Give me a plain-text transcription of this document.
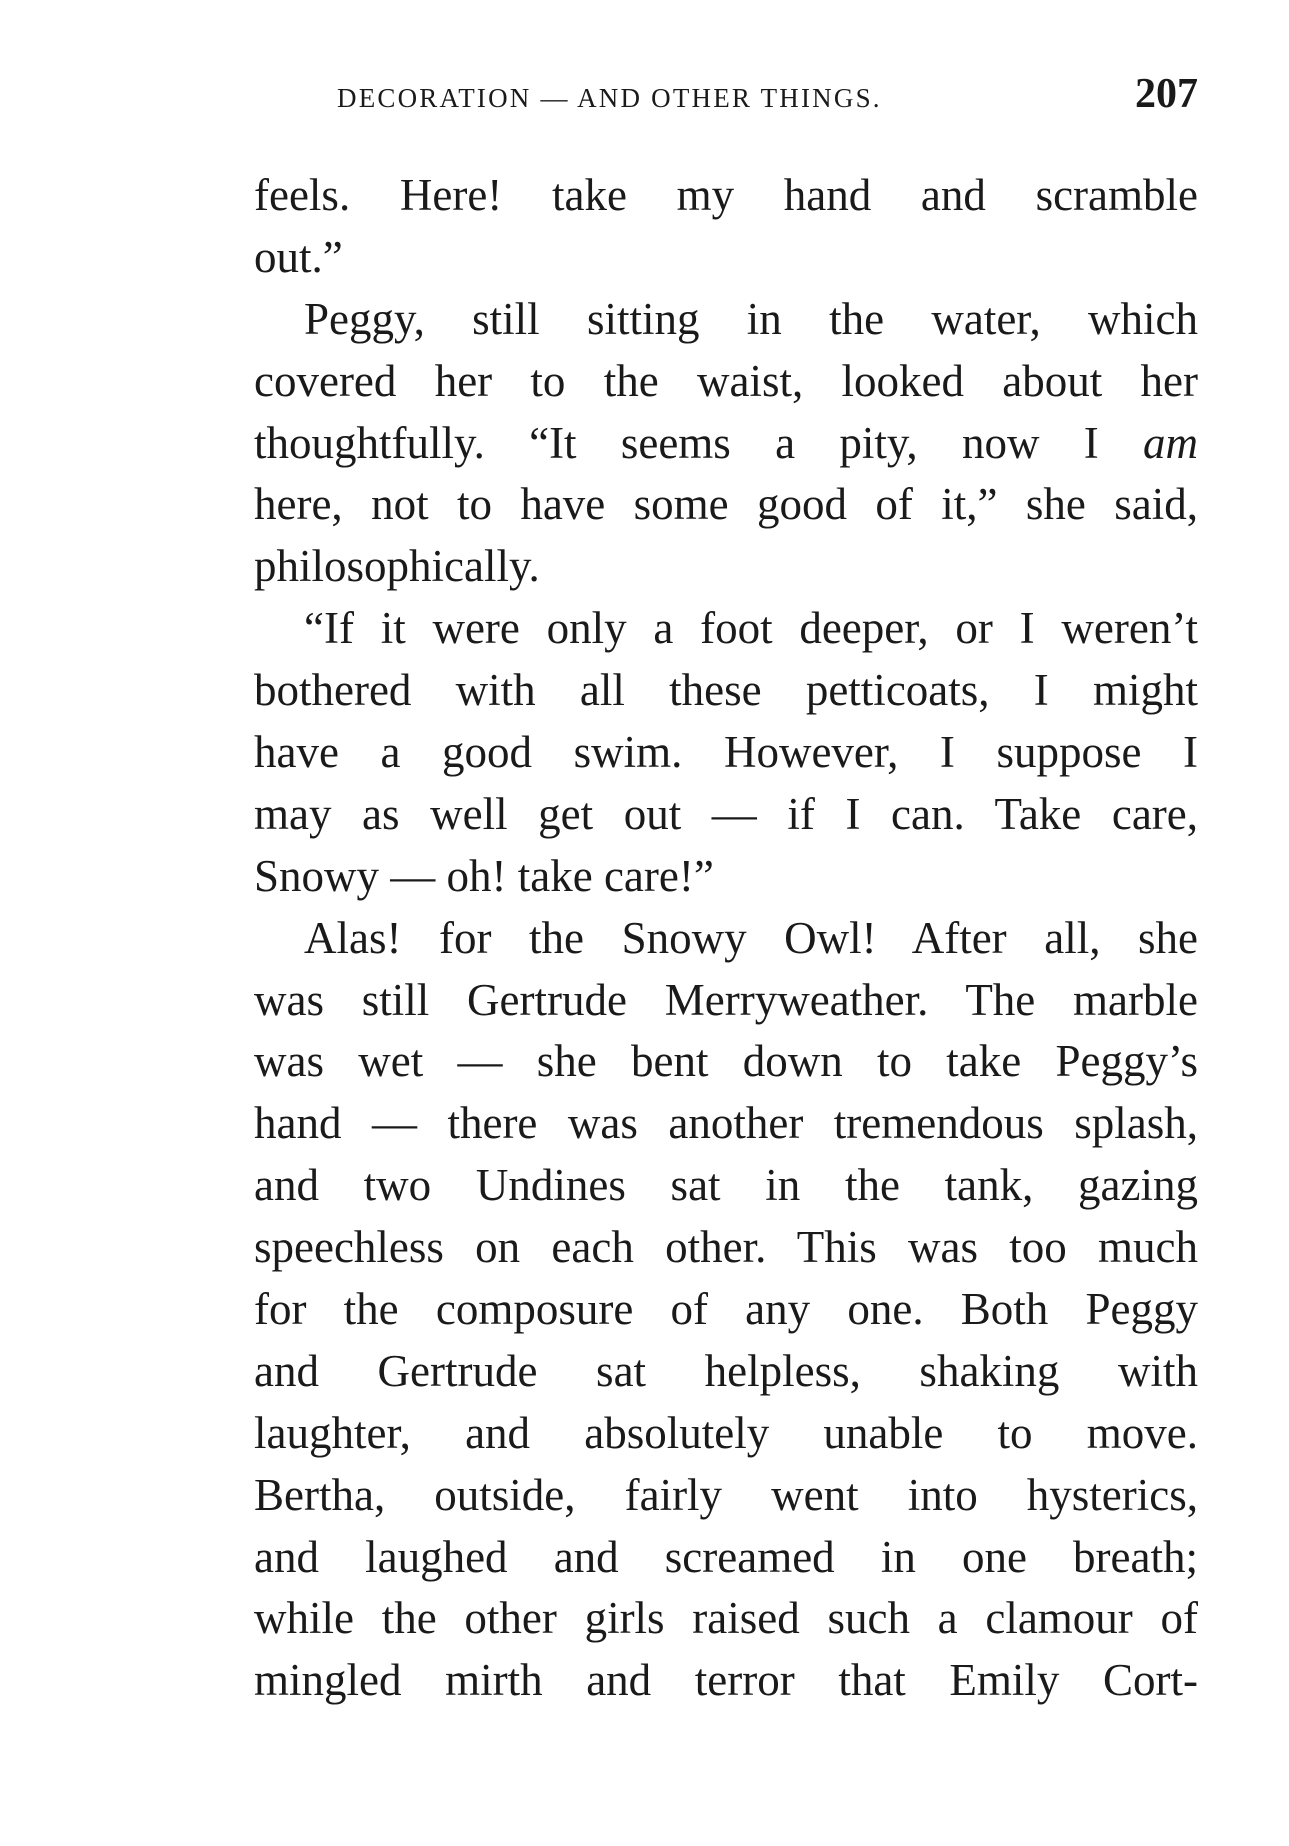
DECORATION — AND OTHER THINGS.	207
feels. Here! take my hand and scramble
out.”
Peggy, still sitting in the water, which
covered her to the waist, looked about her
thoughtfully. “It seems a pity, now I am
here, not to have some good of it,” she said,
philosophically.
“If it were only a foot deeper, or I weren’t
bothered with all these petticoats, I might
have a good swim. However, I suppose I
may as well get out — if I can. Take care,
Snowy — oh! take care!”
Alas! for the Snowy Owl! After all, she
was still Gertrude Merryweather. The marble
was wet — she bent down to take Peggy’s
hand — there was another tremendous splash,
and two Undines sat in the tank, gazing
speechless on each other. This was too much
for the composure of any one. Both Peggy
and Gertrude sat helpless, shaking with
laughter, and absolutely unable to move.
Bertha, outside, fairly went into hysterics,
and laughed and screamed in one breath;
while the other girls raised such a clamour of
mingled mirth and terror that Emily Cort-
